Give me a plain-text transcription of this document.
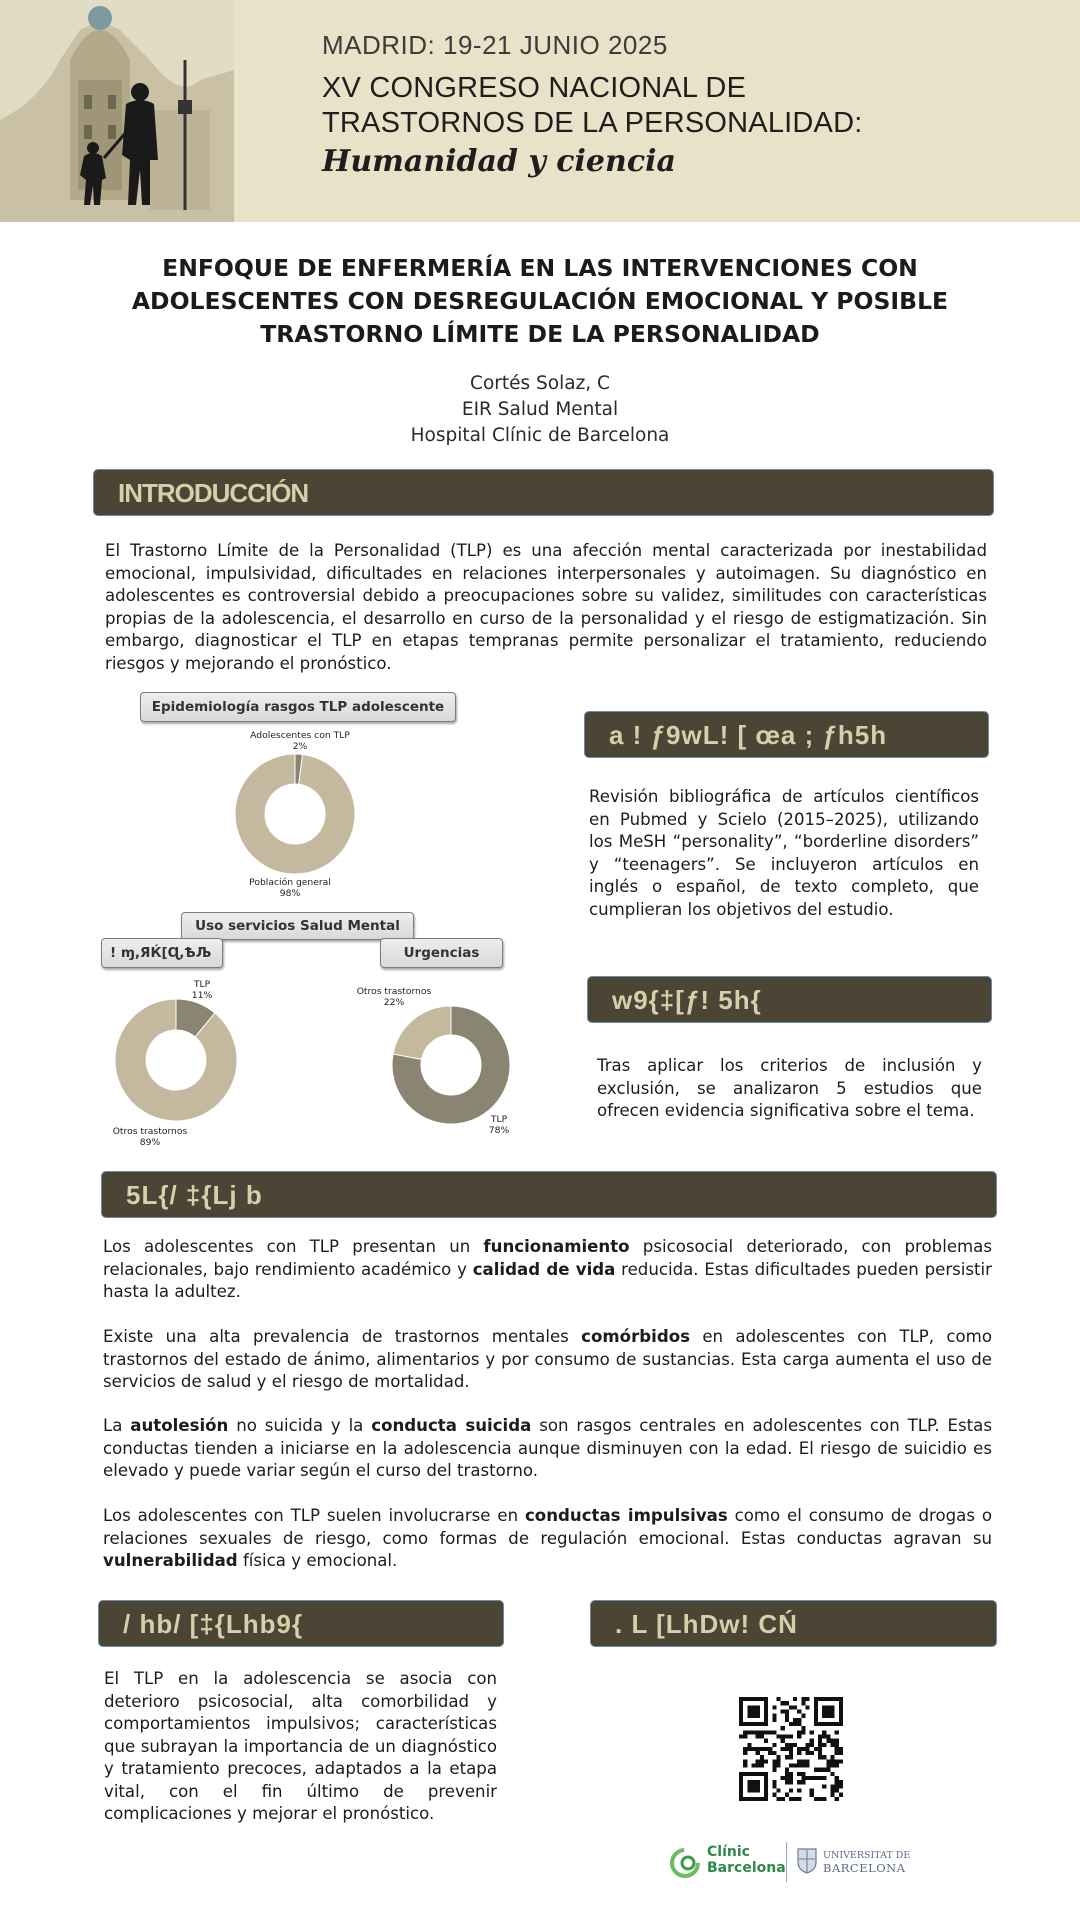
MADRID: 19-21 JUNIO 2025
XV CONGRESO NACIONAL DE
TRASTORNOS DE LA PERSONALIDAD:
Humanidad y ciencia
ENFOQUE DE ENFERMERÍA EN LAS INTERVENCIONES CON
ADOLESCENTES CON DESREGULACIÓN EMOCIONAL Y POSIBLE
TRASTORNO LÍMITE DE LA PERSONALIDAD
Cortés Solaz, C
EIR Salud Mental
Hospital Clínic de Barcelona
INTRODUCCIÓN
El Trastorno Límite de la Personalidad (TLP) es una afección mental caracterizada por inestabilidad emocional, impulsividad, dificultades en relaciones interpersonales y autoimagen. Su diagnóstico en adolescentes es controversial debido a preocupaciones sobre su validez, similitudes con características propias de la adolescencia, el desarrollo en curso de la personalidad y el riesgo de estigmatización. Sin embargo, diagnosticar el TLP en etapas tempranas permite personalizar el tratamiento, reduciendo riesgos y mejorando el pronóstico.
Epidemiología rasgos TLP adolescente
Adolescentes con TLP
2%
Población general
98%
Uso servicios Salud Mental
! ɱ,ЯЌ[Ɋ,ѢЉ	Urgencias
TLP
11%
Otros trastornos
89%
Otros trastornos
22%
TLP
78%
a ! ƒ9wL! [ œa ; ƒh5h
Revisión bibliográfica de artículos científicos en Pubmed y Scielo (2015–2025), utilizando los MeSH “personality”, “borderline disorders” y “teenagers”. Se incluyeron artículos en inglés o español, de texto completo, que cumplieran los objetivos del estudio.
w9{‡[ƒ! 5h{
Tras aplicar los criterios de inclusión y exclusión, se analizaron 5 estudios que ofrecen evidencia significativa sobre el tema.
5L{/ ‡{Lj b
Los adolescentes con TLP presentan un funcionamiento psicosocial deteriorado, con problemas relacionales, bajo rendimiento académico y calidad de vida reducida. Estas dificultades pueden persistir hasta la adultez.
Existe una alta prevalencia de trastornos mentales comórbidos en adolescentes con TLP, como trastornos del estado de ánimo, alimentarios y por consumo de sustancias. Esta carga aumenta el uso de servicios de salud y el riesgo de mortalidad.
La autolesión no suicida y la conducta suicida son rasgos centrales en adolescentes con TLP. Estas conductas tienden a iniciarse en la adolescencia aunque disminuyen con la edad. El riesgo de suicidio es elevado y puede variar según el curso del trastorno.
Los adolescentes con TLP suelen involucrarse en conductas impulsivas como el consumo de drogas o relaciones sexuales de riesgo, como formas de regulación emocional. Estas conductas agravan su vulnerabilidad física y emocional.
/ hb/ [‡{Lhb9{
El TLP en la adolescencia se asocia con deterioro psicosocial, alta comorbilidad y comportamientos impulsivos; características que subrayan la importancia de un diagnóstico y tratamiento precoces, adaptados a la etapa vital, con el fin último de prevenir complicaciones y mejorar el pronóstico.
. L [LhDw! CŃ
Clínic
Barcelona
UNIVERSITAT DE
BARCELONA
